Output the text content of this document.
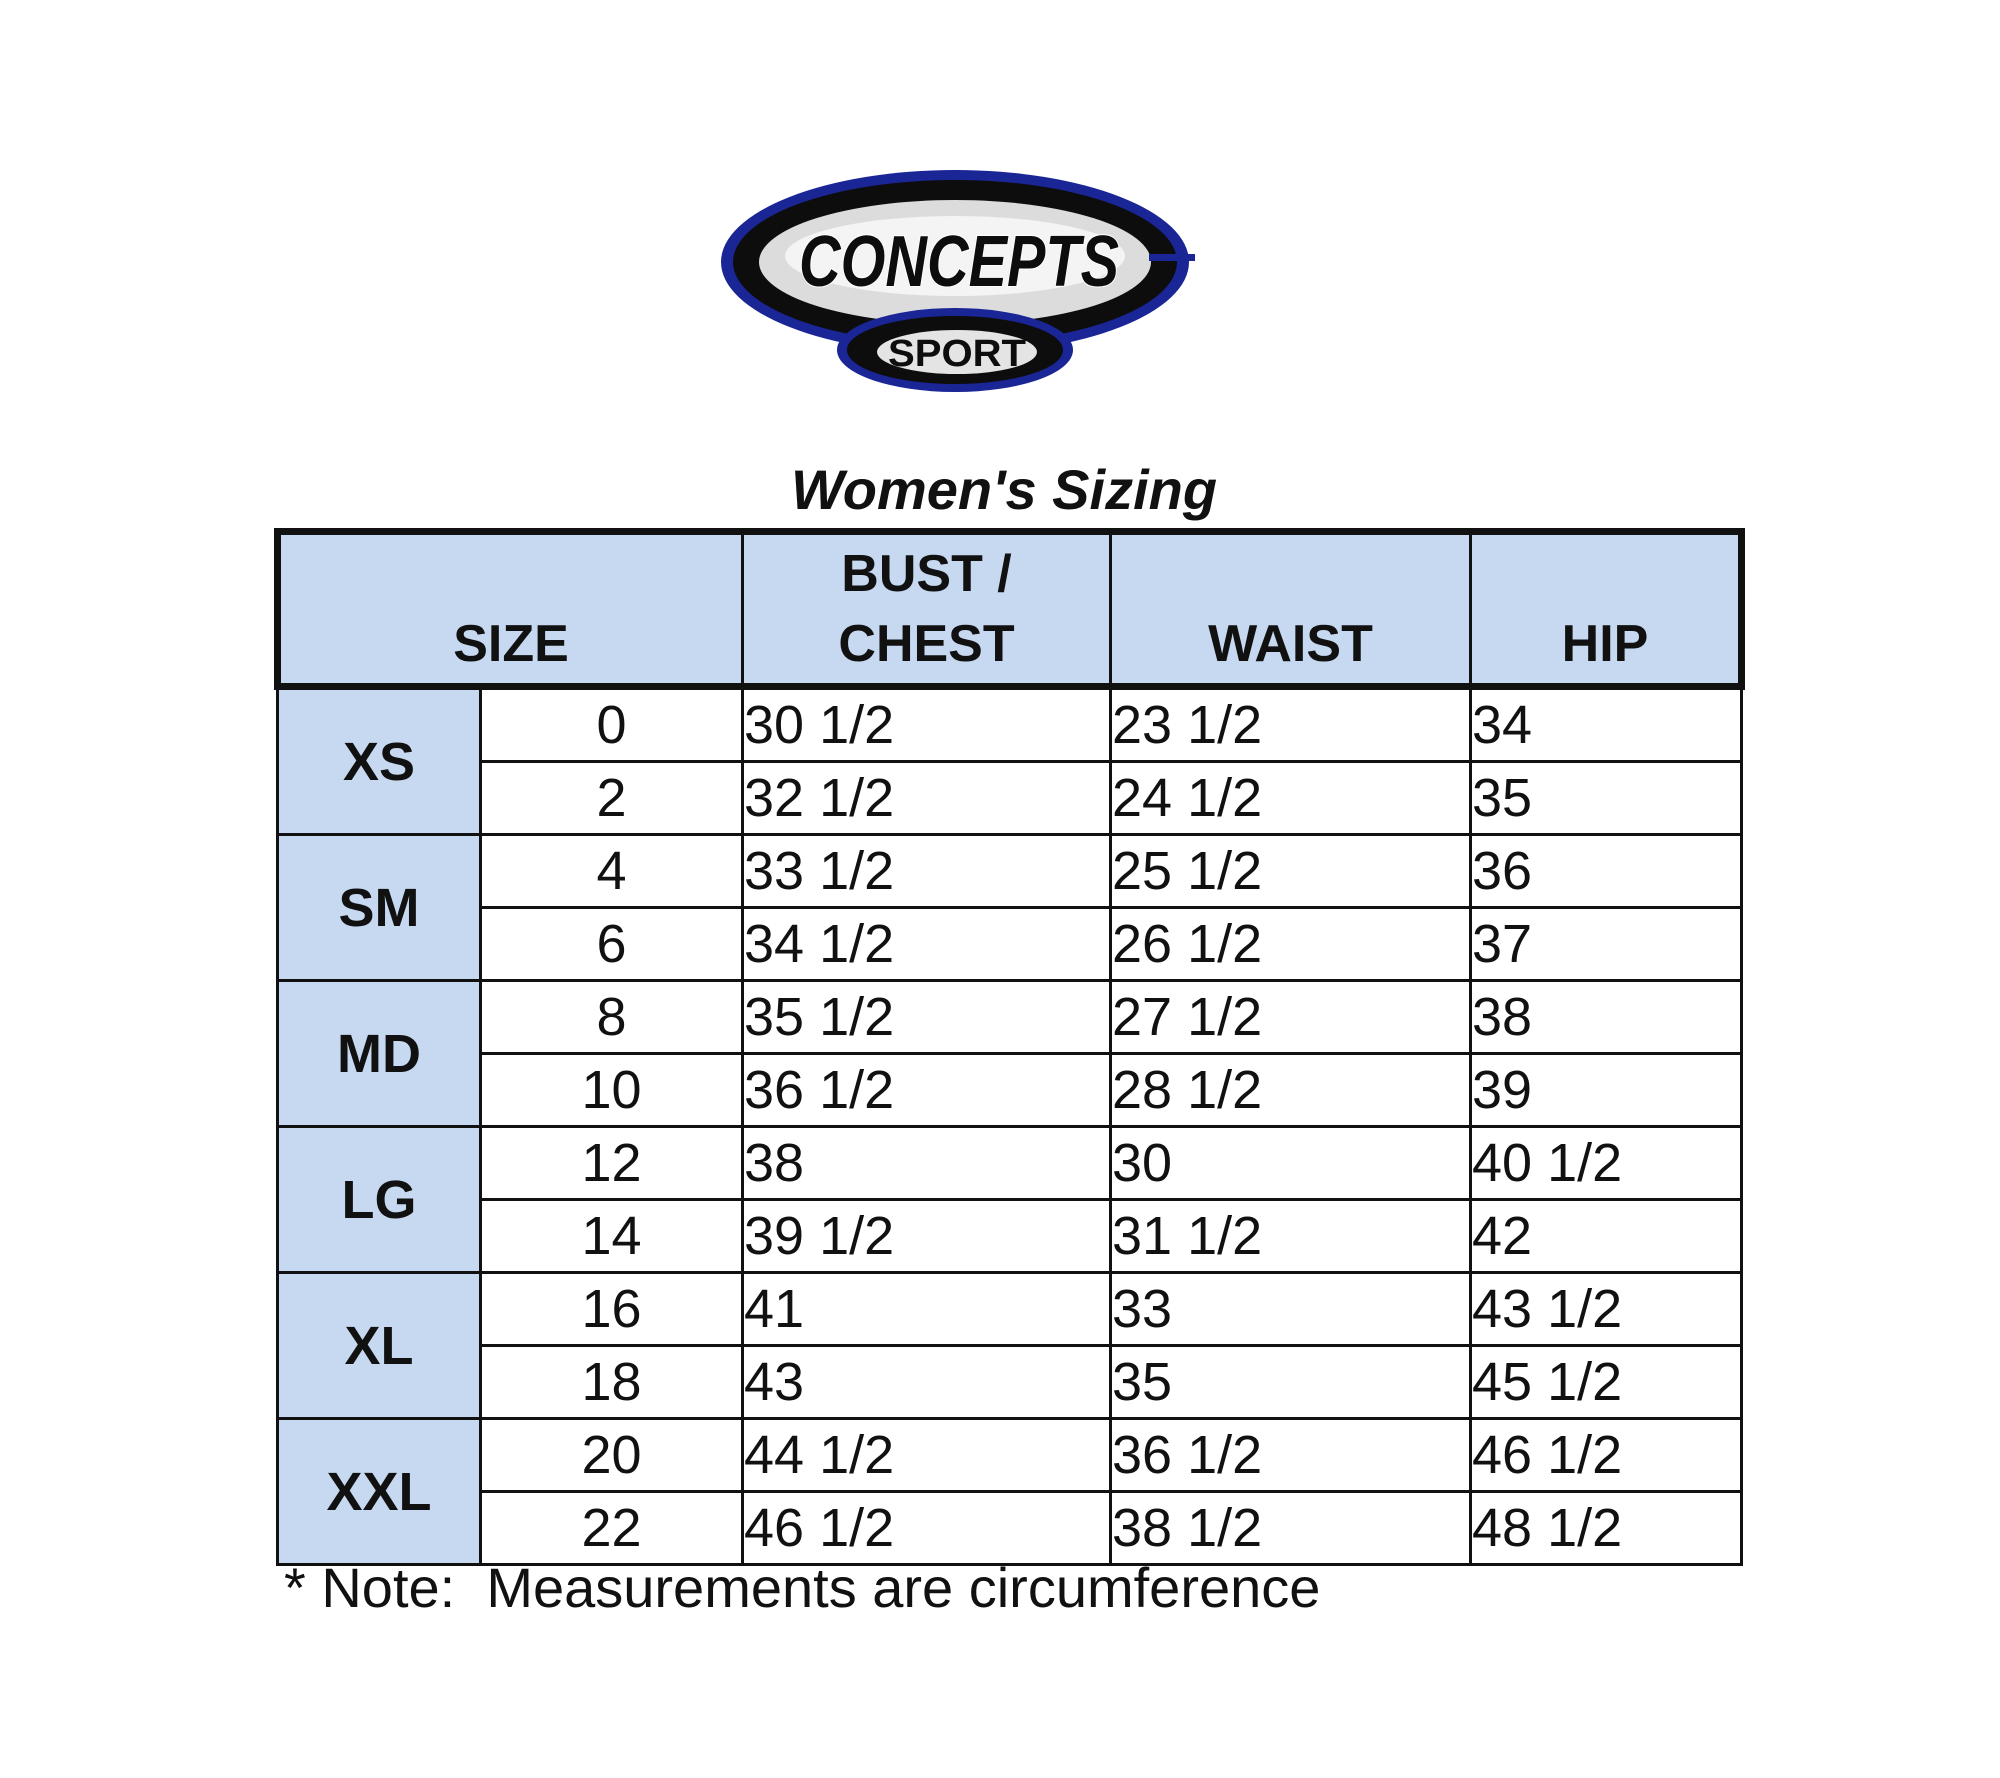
CONCEPTS
SPORT
Women's Sizing
SIZE		BUST /
CHEST	WAIST	HIP
XS	0	30 1/2	23 1/2	34
	2	32 1/2	24 1/2	35
SM	4	33 1/2	25 1/2	36
	6	34 1/2	26 1/2	37
MD	8	35 1/2	27 1/2	38
	10	36 1/2	28 1/2	39
LG	12	38	30	40 1/2
	14	39 1/2	31 1/2	42
XL	16	41	33	43 1/2
	18	43	35	45 1/2
XXL	20	44 1/2	36 1/2	46 1/2
	22	46 1/2	38 1/2	48 1/2
* Note:  Measurements are circumference
